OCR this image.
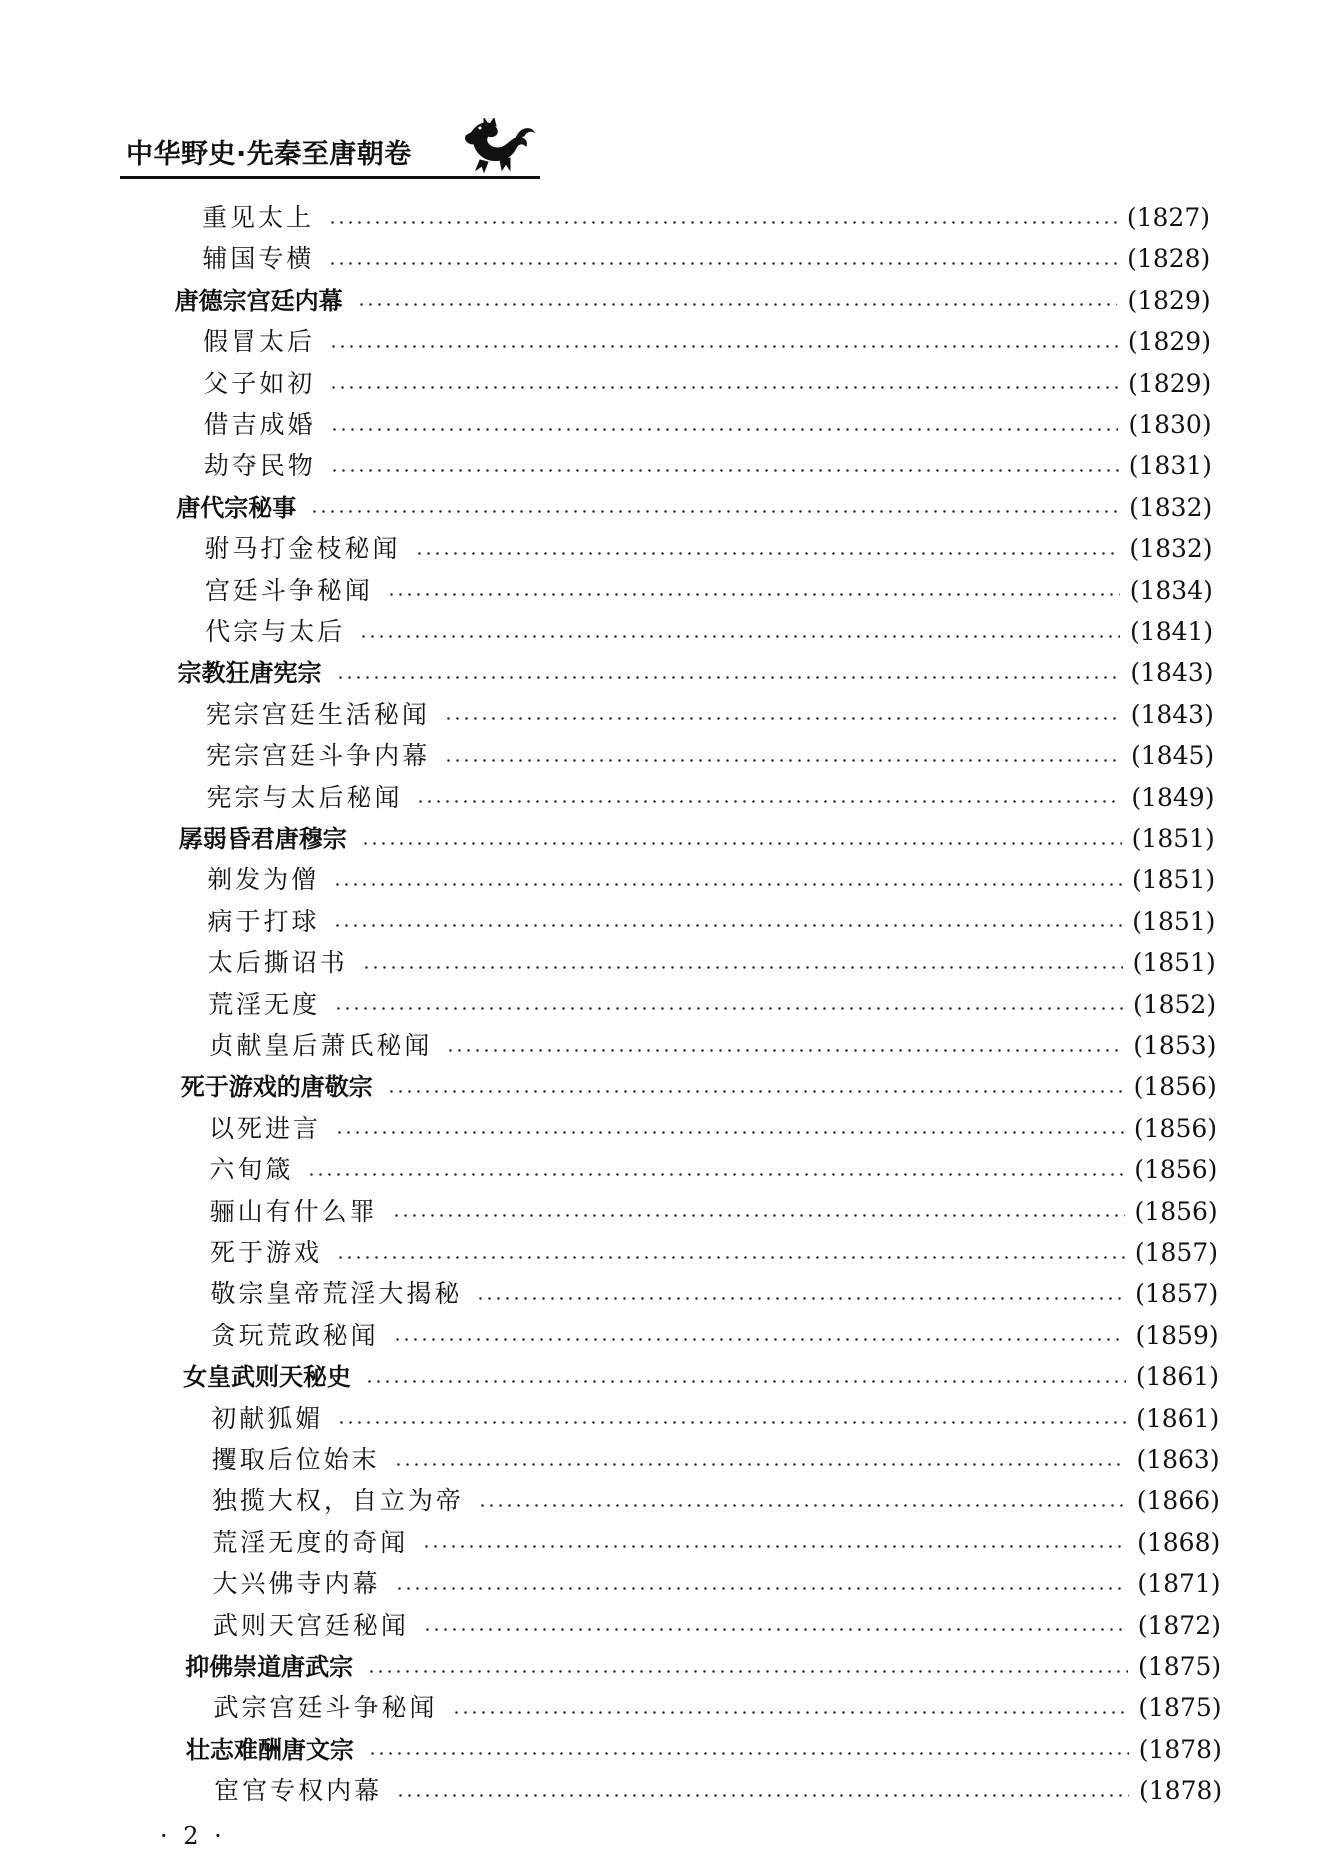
中华野史·先秦至唐朝卷
重见太上	(1827)
辅国专横	(1828)
唐德宗宫廷内幕	(1829)
假冒太后	(1829)
父子如初	(1829)
借吉成婚	(1830)
劫夺民物	(1831)
唐代宗秘事	(1832)
驸马打金枝秘闻	(1832)
宫廷斗争秘闻	(1834)
代宗与太后	(1841)
宗教狂唐宪宗	(1843)
宪宗宫廷生活秘闻	(1843)
宪宗宫廷斗争内幕	(1845)
宪宗与太后秘闻	(1849)
孱弱昏君唐穆宗	(1851)
剃发为僧	(1851)
病于打球	(1851)
太后撕诏书	(1851)
荒淫无度	(1852)
贞献皇后萧氏秘闻	(1853)
死于游戏的唐敬宗	(1856)
以死进言	(1856)
六旬箴	(1856)
骊山有什么罪	(1856)
死于游戏	(1857)
敬宗皇帝荒淫大揭秘	(1857)
贪玩荒政秘闻	(1859)
女皇武则天秘史	(1861)
初献狐媚	(1861)
攫取后位始末	(1863)
独揽大权，自立为帝	(1866)
荒淫无度的奇闻	(1868)
大兴佛寺内幕	(1871)
武则天宫廷秘闻	(1872)
抑佛崇道唐武宗	(1875)
武宗宫廷斗争秘闻	(1875)
壮志难酬唐文宗	(1878)
宦官专权内幕	(1878)
· 2 ·
